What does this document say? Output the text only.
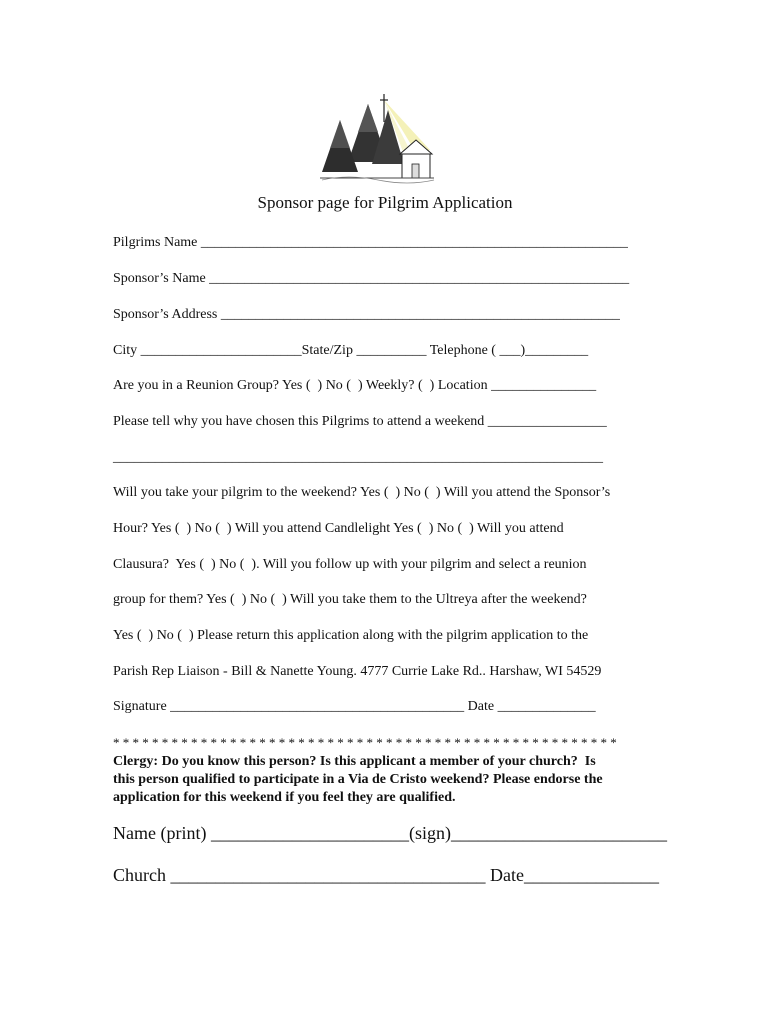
Sponsor page for Pilgrim Application
Pilgrims Name _____________________________________________________________
Sponsor’s Name ____________________________________________________________
Sponsor’s Address _________________________________________________________
City _______________________State/Zip __________ Telephone ( ___)_________
Are you in a Reunion Group? Yes (  ) No (  ) Weekly? (  ) Location _______________
Please tell why you have chosen this Pilgrims to attend a weekend _________________
______________________________________________________________________
Will you take your pilgrim to the weekend? Yes (  ) No (  ) Will you attend the Sponsor’s
Hour? Yes (  ) No (  ) Will you attend Candlelight Yes (  ) No (  ) Will you attend
Clausura?  Yes (  ) No (  ). Will you follow up with your pilgrim and select a reunion
group for them? Yes (  ) No (  ) Will you take them to the Ultreya after the weekend?
Yes (  ) No (  ) Please return this application along with the pilgrim application to the
Parish Rep Liaison - Bill & Nanette Young. 4777 Currie Lake Rd.. Harshaw, WI 54529
Signature __________________________________________ Date ______________
* * * * * * * * * * * * * * * * * * * * * * * * * * * * * * * * * * * * * * * * * * * * * * * * * * * *
Clergy: Do you know this person? Is this applicant a member of your church?  Is
this person qualified to participate in a Via de Cristo weekend? Please endorse the
application for this weekend if you feel they are qualified.
Name (print) ______________________(sign)________________________
Church ___________________________________ Date_______________
